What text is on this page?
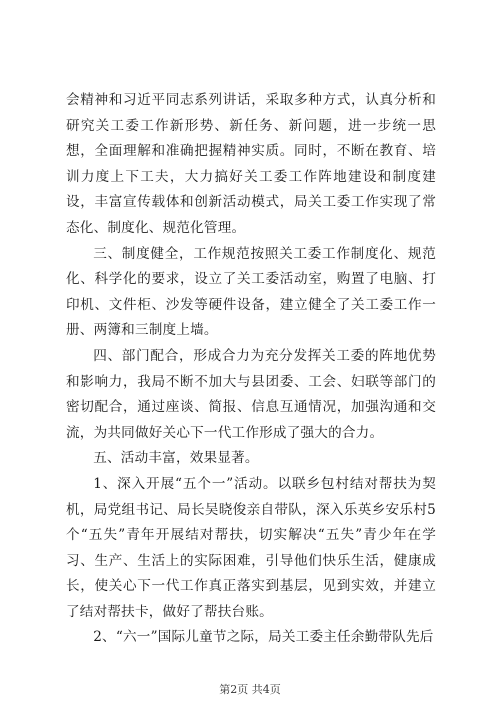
会精神和习近平同志系列讲话，采取多种方式，认真分析和研究关工委工作新形势、新任务、新问题，进一步统一思想，全面理解和准确把握精神实质。同时，不断在教育、培训力度上下工夫，大力搞好关工委工作阵地建设和制度建设，丰富宣传载体和创新活动模式，局关工委工作实现了常态化、制度化、规范化管理。

三、制度健全，工作规范按照关工委工作制度化、规范化、科学化的要求，设立了关工委活动室，购置了电脑、打印机、文件柜、沙发等硬件设备，建立健全了关工委工作一册、两簿和三制度上墙。

四、部门配合，形成合力为充分发挥关工委的阵地优势和影响力，我局不断不加大与县团委、工会、妇联等部门的密切配合，通过座谈、简报、信息互通情况，加强沟通和交流，为共同做好关心下一代工作形成了强大的合力。

五、活动丰富，效果显著。

1、深入开展“五个一”活动。以联乡包村结对帮扶为契机，局党组书记、局长吴晓俊亲自带队，深入乐英乡安乐村5个“五失”青年开展结对帮扶，切实解决“五失”青少年在学习、生产、生活上的实际困难，引导他们快乐生活，健康成长，使关心下一代工作真正落实到基层，见到实效，并建立了结对帮扶卡，做好了帮扶台账。

2、“六一”国际儿童节之际，局关工委主任余勤带队先后

第2页 共4页
